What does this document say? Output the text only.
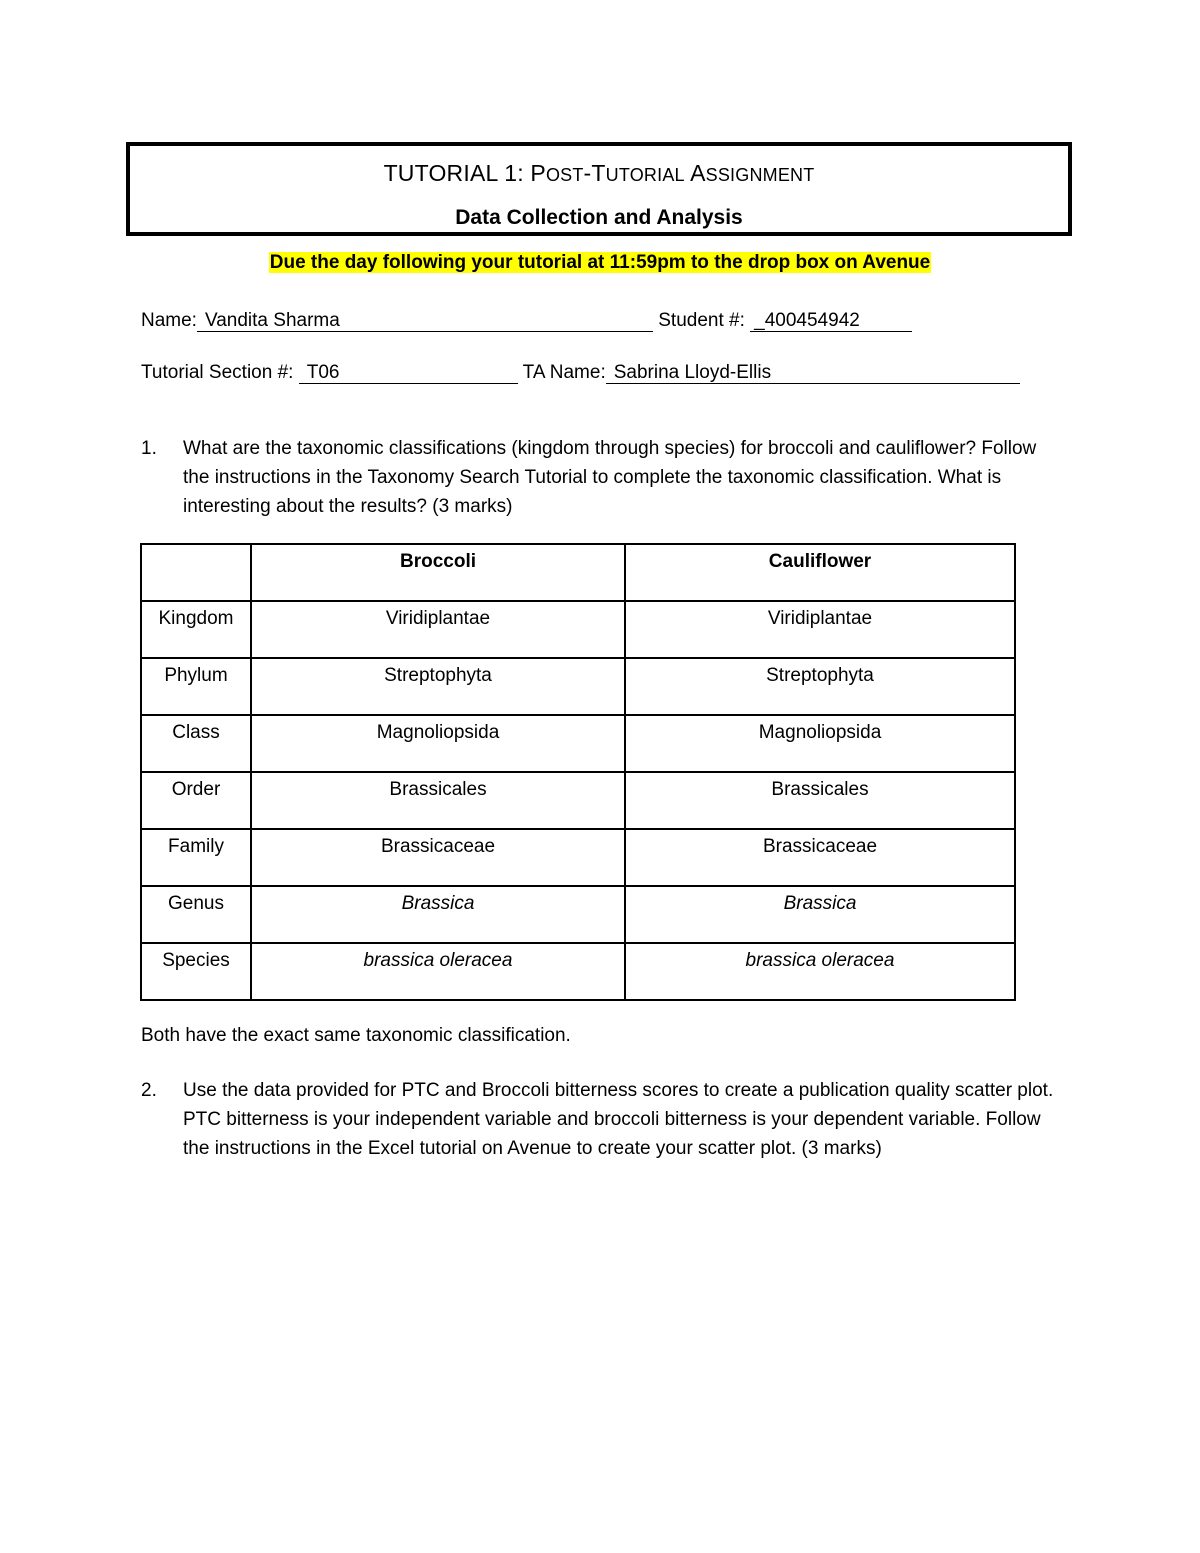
TUTORIAL 1: POST-TUTORIAL ASSIGNMENT
Data Collection and Analysis
Due the day following your tutorial at 11:59pm to the drop box on Avenue
Name: Vandita Sharma	Student #: _400454942
Tutorial Section #: T06	TA Name: Sabrina Lloyd-Ellis
1. What are the taxonomic classifications (kingdom through species) for broccoli and cauliflower? Follow the instructions in the Taxonomy Search Tutorial to complete the taxonomic classification. What is interesting about the results? (3 marks)
	Broccoli	Cauliflower
Kingdom	Viridiplantae	Viridiplantae
Phylum	Streptophyta	Streptophyta
Class	Magnoliopsida	Magnoliopsida
Order	Brassicales	Brassicales
Family	Brassicaceae	Brassicaceae
Genus	Brassica	Brassica
Species	brassica oleracea	brassica oleracea
Both have the exact same taxonomic classification.
2. Use the data provided for PTC and Broccoli bitterness scores to create a publication quality scatter plot. PTC bitterness is your independent variable and broccoli bitterness is your dependent variable. Follow the instructions in the Excel tutorial on Avenue to create your scatter plot. (3 marks)
